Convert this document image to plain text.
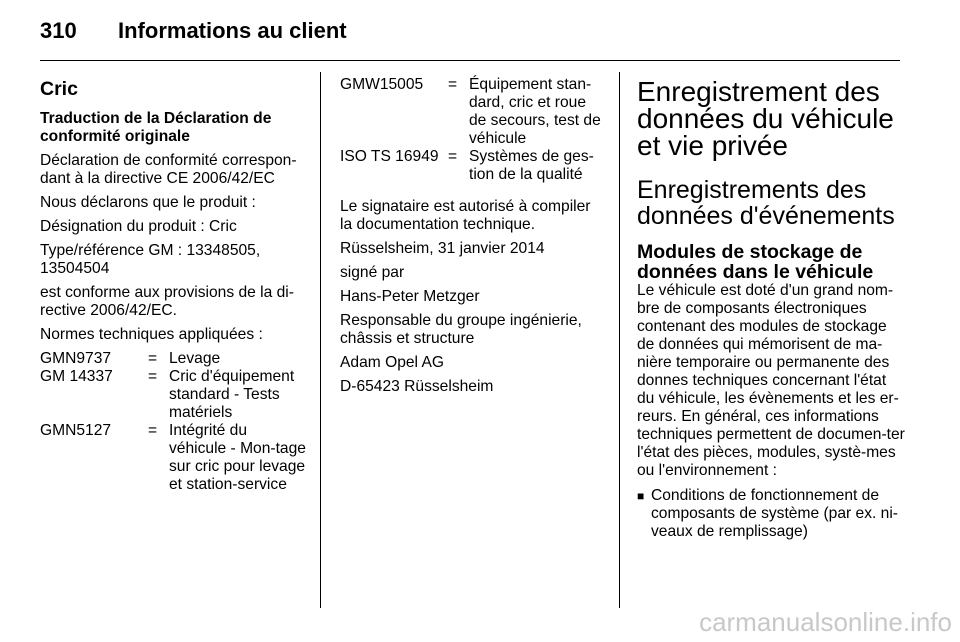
310 Informations au client
Cric

Traduction de la Déclaration de conformité originale

Déclaration de conformité correspon-dant à la directive CE 2006/42/EC

Nous déclarons que le produit :

Désignation du produit : Cric

Type/référence GM : 13348505, 13504504

est conforme aux provisions de la di-rective 2006/42/EC.

Normes techniques appliquées :

GMN9737	= Levage
GM 14337	= Cric d'équipement standard - Tests matériels
GMN5127	= Intégrité du véhicule - Mon-tage sur cric pour levage et station-service
GMW15005	= Équipement stan-dard, cric et roue de secours, test de véhicule
ISO TS 16949 = Systèmes de ges-tion de la qualité

Le signataire est autorisé à compiler la documentation technique.

Rüsselsheim, 31 janvier 2014

signé par

Hans-Peter Metzger

Responsable du groupe ingénierie, châssis et structure

Adam Opel AG

D-65423 Rüsselsheim

Enregistrement des données du véhicule et vie privée
Enregistrements des données d'événements
Modules de stockage de données dans le véhicule

Le véhicule est doté d'un grand nom-bre de composants électroniques contenant des modules de stockage de données qui mémorisent de ma-nière temporaire ou permanente des donnes techniques concernant l'état du véhicule, les évènements et les er-reurs. En général, ces informations techniques permettent de documen-ter l'état des pièces, modules, systè-mes ou l'environnement :

■ Conditions de fonctionnement de composants de système (par ex. ni-veaux de remplissage)
carmanualsonline.info
